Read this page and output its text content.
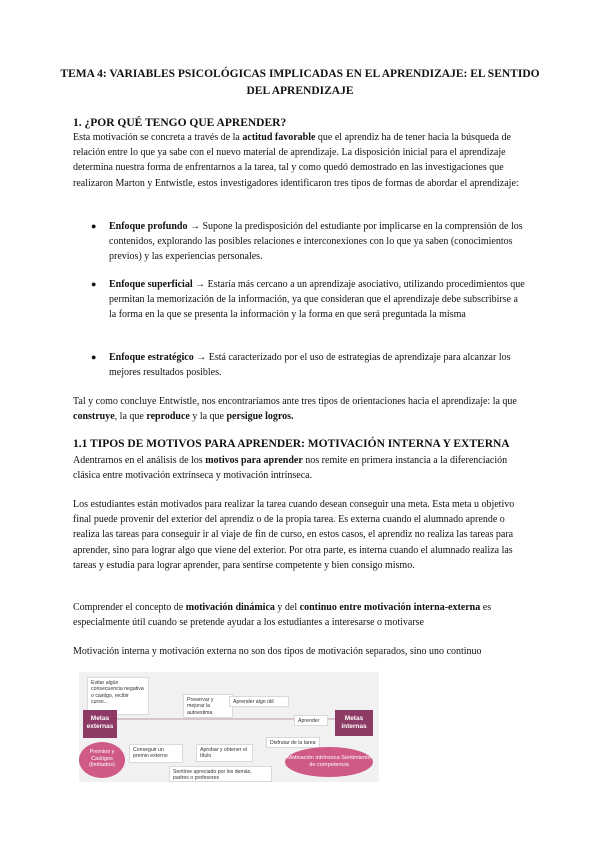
TEMA 4: VARIABLES PSICOLÓGICAS IMPLICADAS EN EL APRENDIZAJE: EL SENTIDO DEL APRENDIZAJE
1. ¿POR QUÉ TENGO QUE APRENDER?
Esta motivación se concreta a través de la actitud favorable que el aprendiz ha de tener hacia la búsqueda de relación entre lo que ya sabe con el nuevo material de aprendizaje. La disposición inicial para el aprendizaje determina nuestra forma de enfrentarnos a la tarea, tal y como quedó demostrado en las investigaciones que realizaron Marton y Entwistle, estos investigadores identificaron tres tipos de formas de abordar el aprendizaje:
●	Enfoque profundo → Supone la predisposición del estudiante por implicarse en la comprensión de los contenidos, explorando las posibles relaciones e interconexiones con lo que ya saben (conocimientos previos) y las experiencias personales.
●	Enfoque superficial → Estaría más cercano a un aprendizaje asociativo, utilizando procedimientos que permitan la memorización de la información, ya que consideran que el aprendizaje debe subscribirse a la forma en la que se presenta la información y la forma en que será preguntada la misma
●	Enfoque estratégico → Está caracterizado por el uso de estrategias de aprendizaje para alcanzar los mejores resultados posibles.
Tal y como concluye Entwistle, nos encontraríamos ante tres tipos de orientaciones hacia el aprendizaje: la que construye, la que reproduce y la que persigue logros.
1.1 TIPOS DE MOTIVOS PARA APRENDER: MOTIVACIÓN INTERNA Y EXTERNA
Adentrarnos en el análisis de los motivos para aprender nos remite en primera instancia a la diferenciación clásica entre motivación extrínseca y motivación intrínseca.
Los estudiantes están motivados para realizar la tarea cuando desean conseguir una meta. Esta meta u objetivo final puede provenir del exterior del aprendiz o de la propia tarea. Es externa cuando el alumnado aprende o realiza las tareas para conseguir ir al viaje de fin de curso, en estos casos, el aprendiz no realiza las tareas para aprender, sino para lograr algo que viene del exterior. Por otra parte, es interna cuando el alumnado realiza las tareas y estudia para lograr aprender, para sentirse competente y bien consigo mismo.
Comprender el concepto de motivación dinámica y del continuo entre motivación interna-externa es especialmente útil cuando se pretende ayudar a los estudiantes a interesarse o motivarse
Motivación interna y motivación externa no son dos tipos de motivación separados, sino uno continuo
Evitar algún consecuencia negativa o castigo, recibir curso...	Preservar y mejorar la autoestima
Aprender algo útil
Aprender
Metas externas
Metas internas
Disfrutar de la tarea
Conseguir un premio externo
Aprobar y obtener el título
Sentirse apreciado por los demás, padres o profesores
Premios y Castigos (limitados)
Motivación intrínseca Sentimiento de competencia
